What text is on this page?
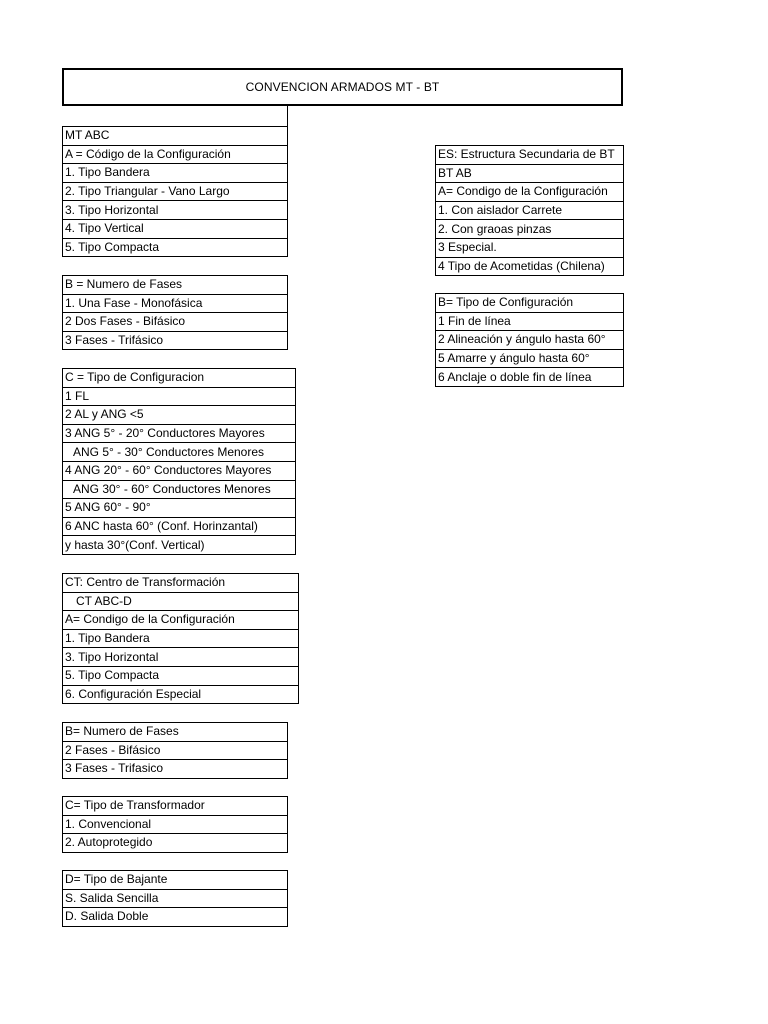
CONVENCION ARMADOS MT - BT
MT ABC
A = Código de la Configuración
1. Tipo Bandera
2. Tipo Triangular - Vano Largo
3. Tipo Horizontal
4. Tipo Vertical
5. Tipo Compacta
B = Numero de Fases
1. Una Fase - Monofásica
2 Dos Fases - Bifásico
3 Fases - Trifásico
C = Tipo de Configuracion
1 FL
2 AL y ANG <5
3 ANG 5° - 20° Conductores Mayores
ANG 5° - 30° Conductores Menores
4 ANG 20° - 60° Conductores Mayores
ANG 30° - 60° Conductores Menores
5 ANG 60° - 90°
6 ANC hasta 60° (Conf. Horinzantal)
y hasta 30°(Conf. Vertical)
CT: Centro de Transformación
CT ABC-D
A= Condigo de la Configuración
1. Tipo Bandera
3. Tipo Horizontal
5. Tipo Compacta
6. Configuración Especial
B= Numero de Fases
2 Fases - Bifásico
3 Fases - Trifasico
C= Tipo de Transformador
1. Convencional
2. Autoprotegido
D= Tipo de Bajante
S. Salida Sencilla
D. Salida Doble
ES: Estructura Secundaria de BT
BT AB
A= Condigo de la Configuración
1. Con aislador Carrete
2. Con graoas pinzas
3 Especial.
4 Tipo de Acometidas (Chilena)
B= Tipo de Configuración
1 Fin de línea
2 Alineación y ángulo hasta 60°
5 Amarre y ángulo hasta 60°
6 Anclaje o doble fin de línea
